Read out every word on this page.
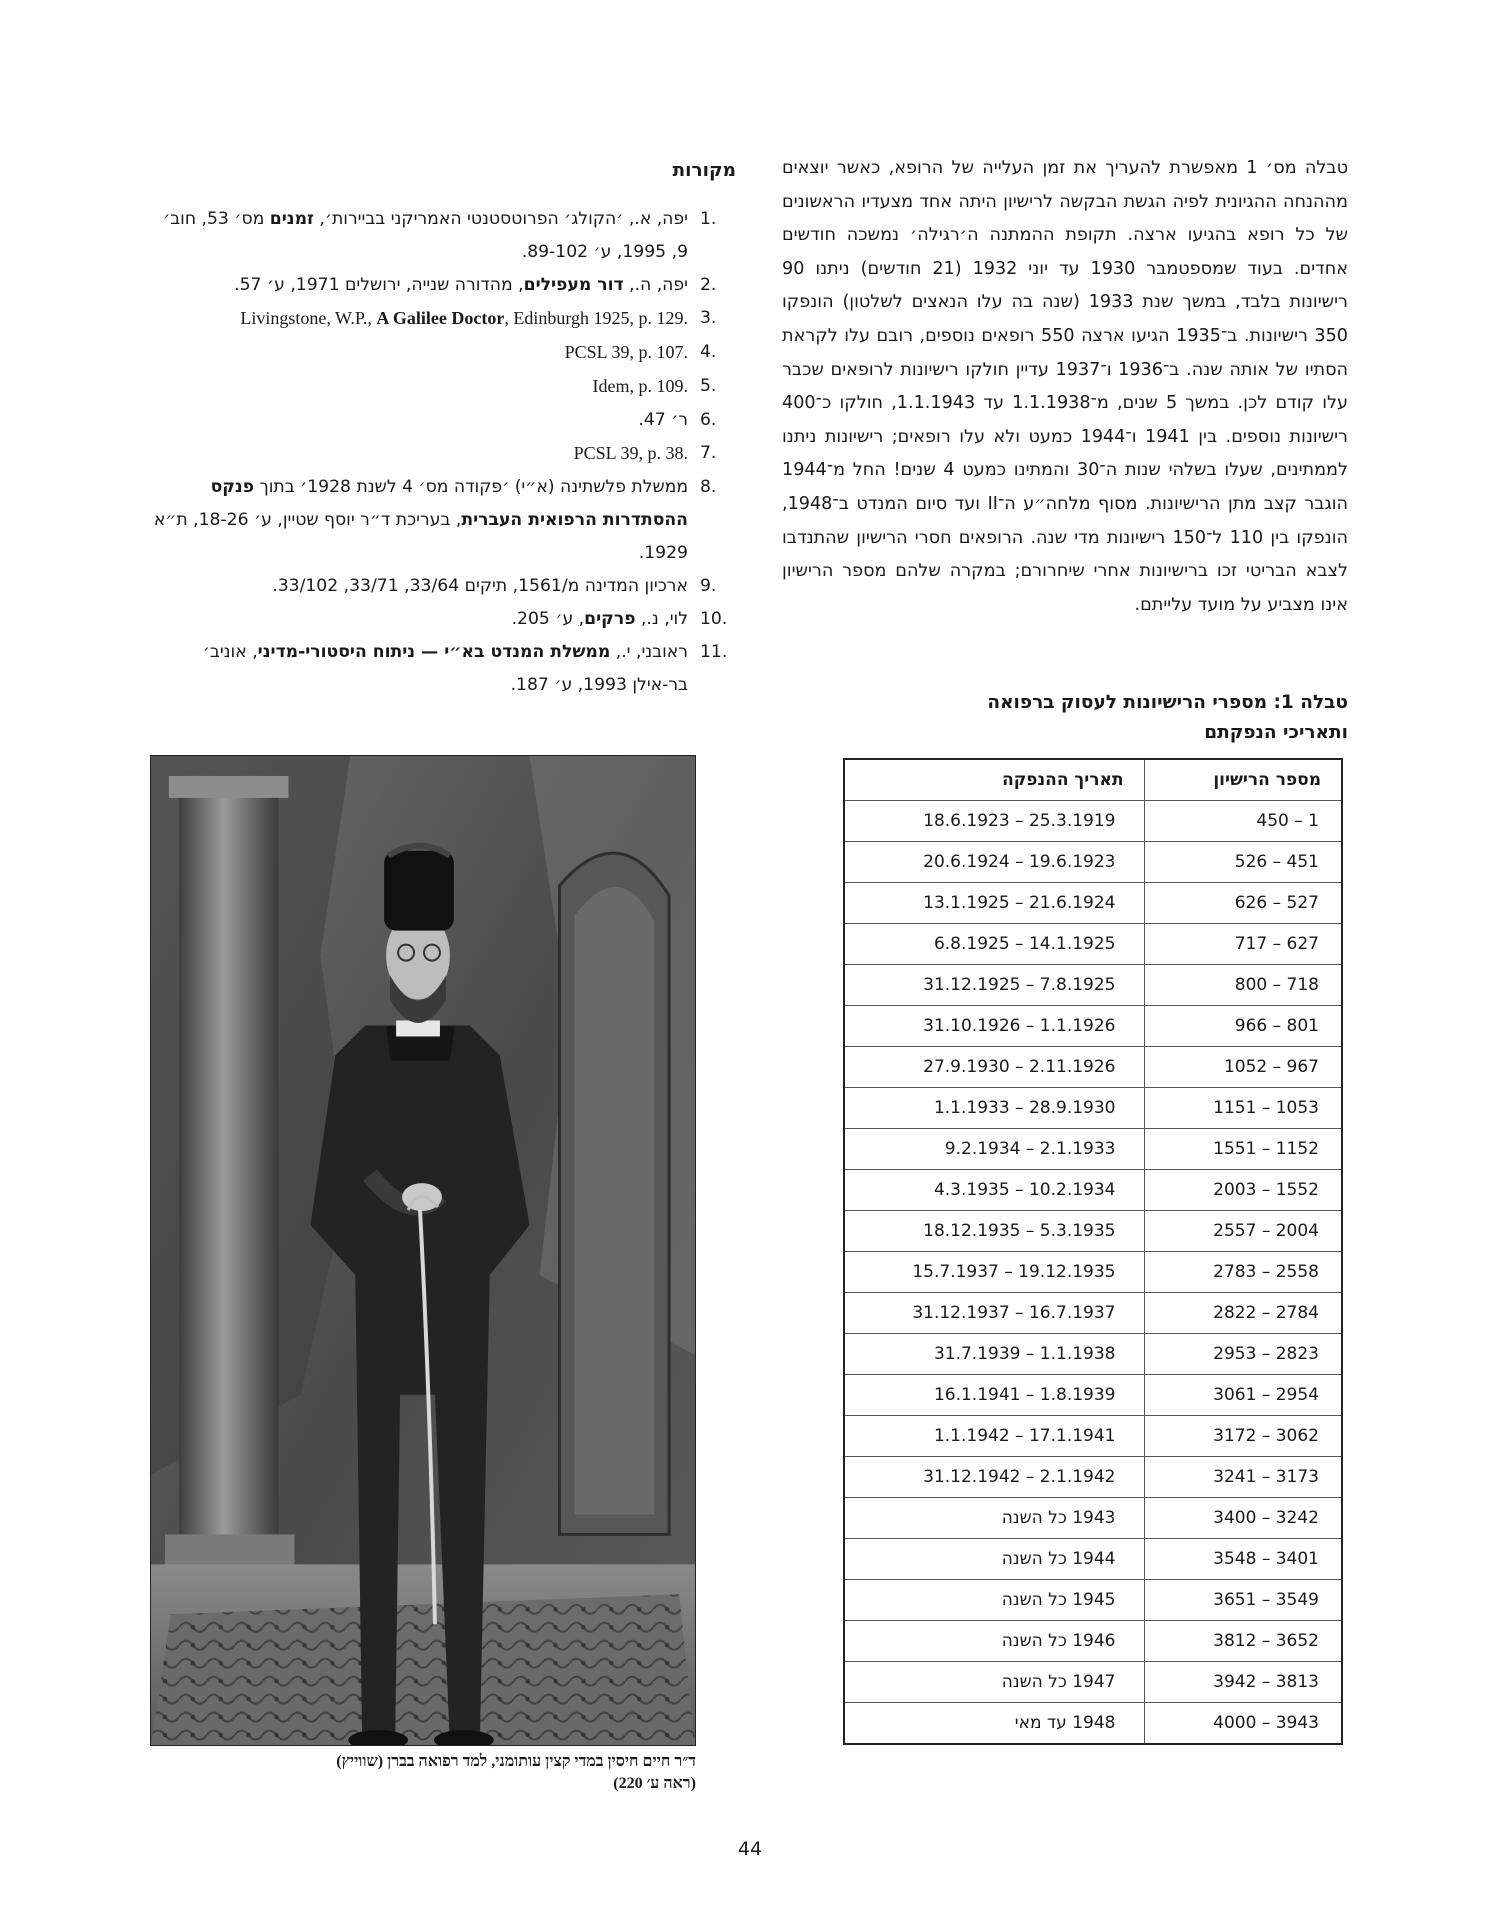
טבלה מס׳ 1 מאפשרת להעריך את זמן העלייה של הרופא, כאשר יוצאים מההנחה ההגיונית לפיה הגשת הבקשה לרישיון היתה אחד מצעדיו הראשונים של כל רופא בהגיעו ארצה. תקופת ההמתנה ה׳רגילה׳ נמשכה חודשים אחדים. בעוד שמספטמבר 1930 עד יוני 1932 (21 חודשים) ניתנו 90 רישיונות בלבד, במשך שנת 1933 (שנה בה עלו הנאצים לשלטון) הונפקו 350 רישיונות. ב־1935 הגיעו ארצה 550 רופאים נוספים, רובם עלו לקראת הסתיו של אותה שנה. ב־1936 ו־1937 עדיין חולקו רישיונות לרופאים שכבר עלו קודם לכן. במשך 5 שנים, מ־1.1.1938 עד 1.1.1943, חולקו כ־400 רישיונות נוספים. בין 1941 ו־1944 כמעט ולא עלו רופאים; רישיונות ניתנו לממתינים, שעלו בשלהי שנות ה־30 והמתינו כמעט 4 שנים! החל מ־1944 הוגבר קצב מתן הרישיונות. מסוף מלחה״ע ה־II ועד סיום המנדט ב־1948, הונפקו בין 110 ל־150 רישיונות מדי שנה. הרופאים חסרי הרישיון שהתנדבו לצבא הבריטי זכו ברישיונות אחרי שיחרורם; במקרה שלהם מספר הרישיון אינו מצביע על מועד עלייתם.

טבלה 1: מספרי הרישיונות לעסוק ברפואה
ותאריכי הנפקתם
מספר הרישיון	תאריך ההנפקה
1 – 450	25.3.1919 – 18.6.1923
451 – 526	19.6.1923 – 20.6.1924
527 – 626	21.6.1924 – 13.1.1925
627 – 717	14.1.1925 – 6.8.1925
718 – 800	7.8.1925 – 31.12.1925
801 – 966	1.1.1926 – 31.10.1926
967 – 1052	2.11.1926 – 27.9.1930
1053 – 1151	28.9.1930 – 1.1.1933
1152 – 1551	2.1.1933 – 9.2.1934
1552 – 2003	10.2.1934 – 4.3.1935
2004 – 2557	5.3.1935 – 18.12.1935
2558 – 2783	19.12.1935 – 15.7.1937
2784 – 2822	16.7.1937 – 31.12.1937
2823 – 2953	1.1.1938 – 31.7.1939
2954 – 3061	1.8.1939 – 16.1.1941
3062 – 3172	17.1.1941 – 1.1.1942
3173 – 3241	2.1.1942 – 31.12.1942
3242 – 3400	1943 כל השנה
3401 – 3548	1944 כל השנה
3549 – 3651	1945 כל השנה
3652 – 3812	1946 כל השנה
3813 – 3942	1947 כל השנה
3943 – 4000	1948 עד מאי
מקורות
1.
יפה, א., ׳הקולג׳ הפרוטסטנטי האמריקני בביירות׳, זמנים מס׳ 53, חוב׳ 9, 1995, ע׳ 89-102.
2.
יפה, ה., דור מעפילים, מהדורה שנייה, ירושלים 1971, ע׳ 57.
3.
Livingstone, W.P., A Galilee Doctor, Edinburgh 1925, p. 129.
4.
PCSL 39, p. 107.
5.
Idem, p. 109.
6.
ר׳ 47.
7.
PCSL 39, p. 38.
8.
ממשלת פלשתינה (א״י) ׳פקודה מס׳ 4 לשנת 1928׳ בתוך פנקס ההסתדרות הרפואית העברית, בעריכת ד״ר יוסף שטיין, ע׳ 18-26, ת״א 1929.
9.
ארכיון המדינה מ/1561, תיקים 33/64, 33/71, 33/102.
10.
לוי, נ., פרקים, ע׳ 205.
11.
ראובני, י., ממשלת המנדט בא״י — ניתוח היסטורי-מדיני, אוניב׳ בר-אילן 1993, ע׳ 187.
ד״ר חיים חיסין במדי קצין עותומני, למד רפואה בברן (שווייץ)
(ראה ע׳ 220)
44
